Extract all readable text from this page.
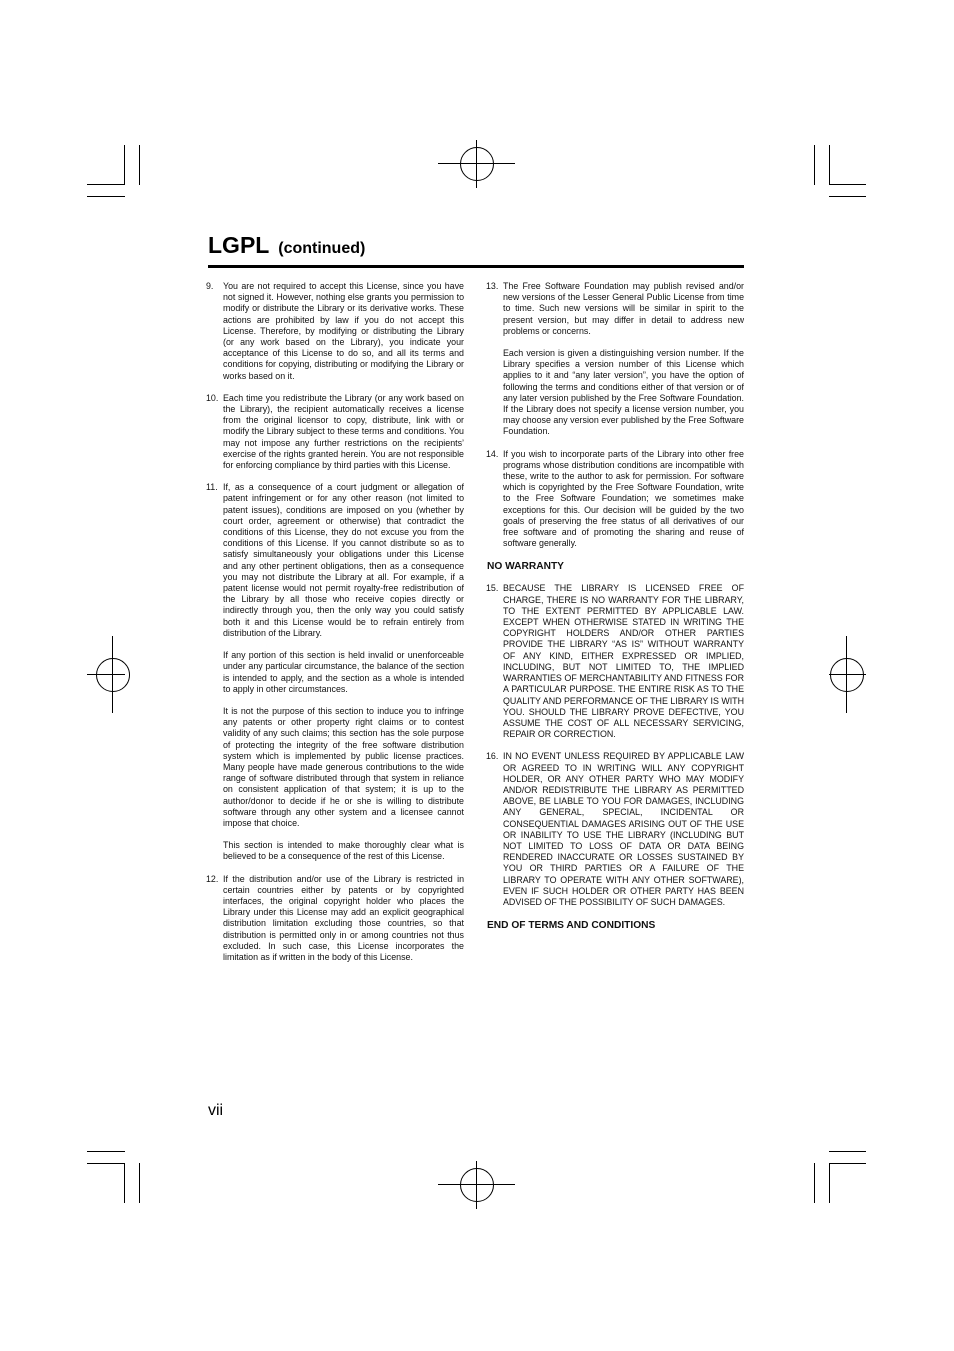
LGPL (continued)
9. You are not required to accept this License, since you have not signed it. However, nothing else grants you permission to modify or distribute the Library or its derivative works. These actions are prohibited by law if you do not accept this License. Therefore, by modifying or distributing the Library (or any work based on the Library), you indicate your acceptance of this License to do so, and all its terms and conditions for copying, distributing or modifying the Library or works based on it.

10. Each time you redistribute the Library (or any work based on the Library), the recipient automatically receives a license from the original licensor to copy, distribute, link with or modify the Library subject to these terms and conditions. You may not impose any further restrictions on the recipients’ exercise of the rights granted herein. You are not responsible for enforcing compliance by third parties with this License.

11. If, as a consequence of a court judgment or allegation of patent infringement or for any other reason (not limited to patent issues), conditions are imposed on you (whether by court order, agreement or otherwise) that contradict the conditions of this License, they do not excuse you from the conditions of this License. If you cannot distribute so as to satisfy simultaneously your obligations under this License and any other pertinent obligations, then as a consequence you may not distribute the Library at all. For example, if a patent license would not permit royalty-free redistribution of the Library by all those who receive copies directly or indirectly through you, then the only way you could satisfy both it and this License would be to refrain entirely from distribution of the Library.

If any portion of this section is held invalid or unenforceable under any particular circumstance, the balance of the section is intended to apply, and the section as a whole is intended to apply in other circumstances.

It is not the purpose of this section to induce you to infringe any patents or other property right claims or to contest validity of any such claims; this section has the sole purpose of protecting the integrity of the free software distribution system which is implemented by public license practices. Many people have made generous contributions to the wide range of software distributed through that system in reliance on consistent application of that system; it is up to the author/donor to decide if he or she is willing to distribute software through any other system and a licensee cannot impose that choice.

This section is intended to make thoroughly clear what is believed to be a consequence of the rest of this License.

12. If the distribution and/or use of the Library is restricted in certain countries either by patents or by copyrighted interfaces, the original copyright holder who places the Library under this License may add an explicit geographical distribution limitation excluding those countries, so that distribution is permitted only in or among countries not thus excluded. In such case, this License incorporates the limitation as if written in the body of this License.

13. The Free Software Foundation may publish revised and/or new versions of the Lesser General Public License from time to time. Such new versions will be similar in spirit to the present version, but may differ in detail to address new problems or concerns.

Each version is given a distinguishing version number. If the Library specifies a version number of this License which applies to it and “any later version”, you have the option of following the terms and conditions either of that version or of any later version published by the Free Software Foundation. If the Library does not specify a license version number, you may choose any version ever published by the Free Software Foundation.

14. If you wish to incorporate parts of the Library into other free programs whose distribution conditions are incompatible with these, write to the author to ask for permission. For software which is copyrighted by the Free Software Foundation, write to the Free Software Foundation; we sometimes make exceptions for this. Our decision will be guided by the two goals of preserving the free status of all derivatives of our free software and of promoting the sharing and reuse of software generally.

NO WARRANTY
15. BECAUSE THE LIBRARY IS LICENSED FREE OF CHARGE, THERE IS NO WARRANTY FOR THE LIBRARY, TO THE EXTENT PERMITTED BY APPLICABLE LAW. EXCEPT WHEN OTHERWISE STATED IN WRITING THE COPYRIGHT HOLDERS AND/OR OTHER PARTIES PROVIDE THE LIBRARY “AS IS” WITHOUT WARRANTY OF ANY KIND, EITHER EXPRESSED OR IMPLIED, INCLUDING, BUT NOT LIMITED TO, THE IMPLIED WARRANTIES OF MERCHANTABILITY AND FITNESS FOR A PARTICULAR PURPOSE. THE ENTIRE RISK AS TO THE QUALITY AND PERFORMANCE OF THE LIBRARY IS WITH YOU. SHOULD THE LIBRARY PROVE DEFECTIVE, YOU ASSUME THE COST OF ALL NECESSARY SERVICING, REPAIR OR CORRECTION.

16. IN NO EVENT UNLESS REQUIRED BY APPLICABLE LAW OR AGREED TO IN WRITING WILL ANY COPYRIGHT HOLDER, OR ANY OTHER PARTY WHO MAY MODIFY AND/OR REDISTRIBUTE THE LIBRARY AS PERMITTED ABOVE, BE LIABLE TO YOU FOR DAMAGES, INCLUDING ANY GENERAL, SPECIAL, INCIDENTAL OR CONSEQUENTIAL DAMAGES ARISING OUT OF THE USE OR INABILITY TO USE THE LIBRARY (INCLUDING BUT NOT LIMITED TO LOSS OF DATA OR DATA BEING RENDERED INACCURATE OR LOSSES SUSTAINED BY YOU OR THIRD PARTIES OR A FAILURE OF THE LIBRARY TO OPERATE WITH ANY OTHER SOFTWARE), EVEN IF SUCH HOLDER OR OTHER PARTY HAS BEEN ADVISED OF THE POSSIBILITY OF SUCH DAMAGES.

END OF TERMS AND CONDITIONS
vii
